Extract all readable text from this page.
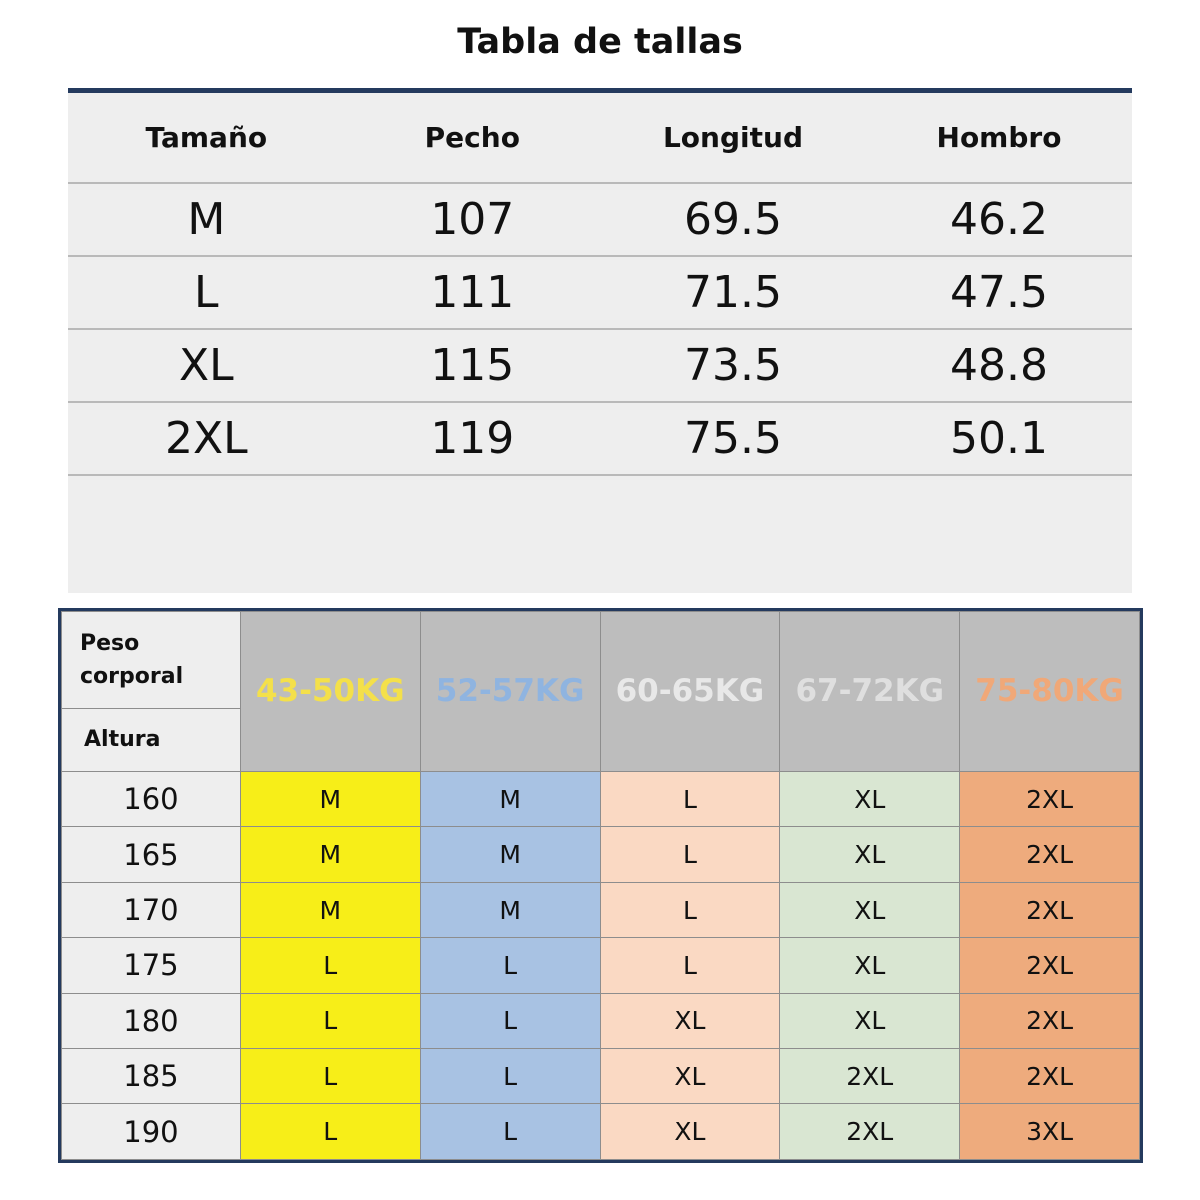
Tabla de tallas
Tamaño	Pecho	Longitud	Hombro
M	107	69.5	46.2
L	111	71.5	47.5
XL	115	73.5	48.8
2XL	119	75.5	50.1
Peso
corporal
Altura	43-50KG	52-57KG	60-65KG	67-72KG	75-80KG
160	M	M	L	XL	2XL
165	M	M	L	XL	2XL
170	M	M	L	XL	2XL
175	L	L	L	XL	2XL
180	L	L	XL	XL	2XL
185	L	L	XL	2XL	2XL
190	L	L	XL	2XL	3XL
